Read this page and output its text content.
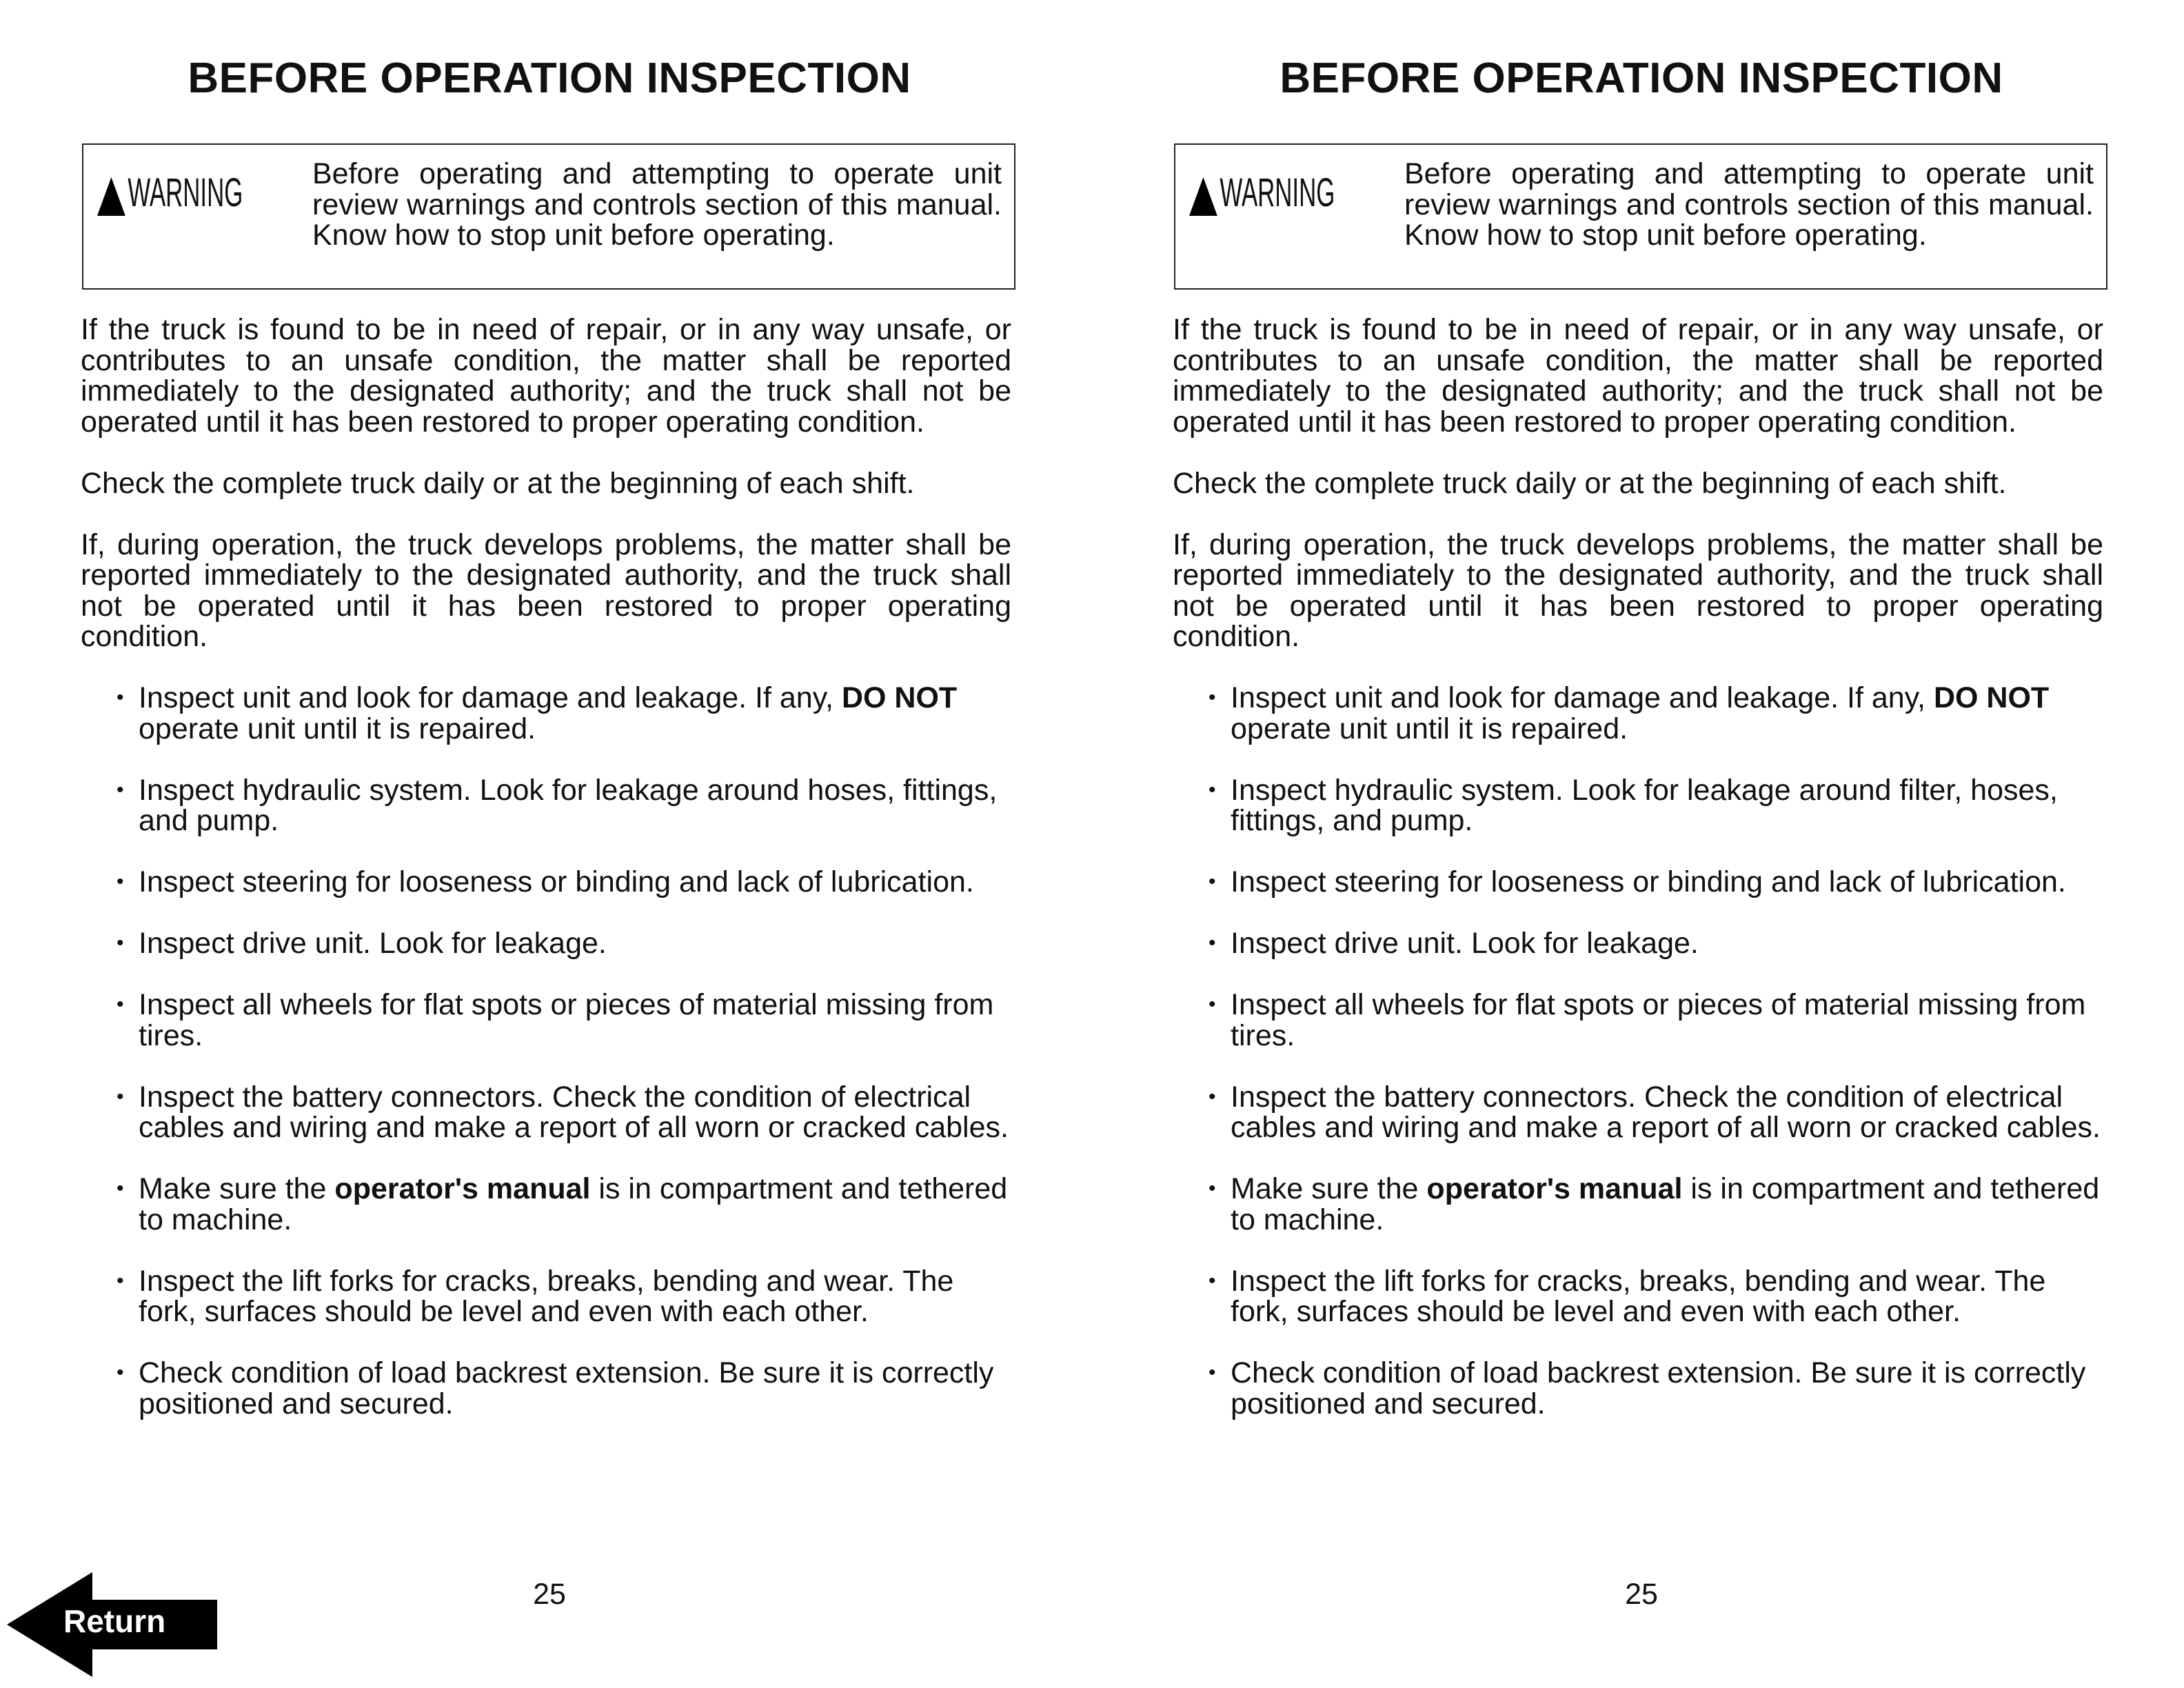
BEFORE OPERATION INSPECTION
WARNING Before operating and attempting to operate unit review warnings and controls section of this manual. Know how to stop unit before operating.

If the truck is found to be in need of repair, or in any way unsafe, or contributes to an unsafe condition, the matter shall be reported immediately to the designated authority; and the truck shall not be operated until it has been restored to proper operating condition.

Check the complete truck daily or at the beginning of each shift.

If, during operation, the truck develops problems, the matter shall be reported immediately to the designated authority, and the truck shall not be operated until it has been restored to proper operating condition.

• Inspect unit and look for damage and leakage. If any, DO NOT operate unit until it is repaired.
• Inspect hydraulic system. Look for leakage around hoses, fittings, and pump.
• Inspect steering for looseness or binding and lack of lubrication.
• Inspect drive unit. Look for leakage.
• Inspect all wheels for flat spots or pieces of material missing from tires.
• Inspect the battery connectors. Check the condition of electrical cables and wiring and make a report of all worn or cracked cables.
• Make sure the operator's manual is in compartment and tethered to machine.
• Inspect the lift forks for cracks, breaks, bending and wear. The fork, surfaces should be level and even with each other.
• Check condition of load backrest extension. Be sure it is correctly positioned and secured.
25
BEFORE OPERATION INSPECTION
WARNING Before operating and attempting to operate unit review warnings and controls section of this manual. Know how to stop unit before operating.

If the truck is found to be in need of repair, or in any way unsafe, or contributes to an unsafe condition, the matter shall be reported immediately to the designated authority; and the truck shall not be operated until it has been restored to proper operating condition.

Check the complete truck daily or at the beginning of each shift.

If, during operation, the truck develops problems, the matter shall be reported immediately to the designated authority, and the truck shall not be operated until it has been restored to proper operating condition.

• Inspect unit and look for damage and leakage. If any, DO NOT operate unit until it is repaired.
• Inspect hydraulic system. Look for leakage around filter, hoses, fittings, and pump.
• Inspect steering for looseness or binding and lack of lubrication.
• Inspect drive unit. Look for leakage.
• Inspect all wheels for flat spots or pieces of material missing from tires.
• Inspect the battery connectors. Check the condition of electrical cables and wiring and make a report of all worn or cracked cables.
• Make sure the operator's manual is in compartment and tethered to machine.
• Inspect the lift forks for cracks, breaks, bending and wear. The fork, surfaces should be level and even with each other.
• Check condition of load backrest extension. Be sure it is correctly positioned and secured.
25
Return
